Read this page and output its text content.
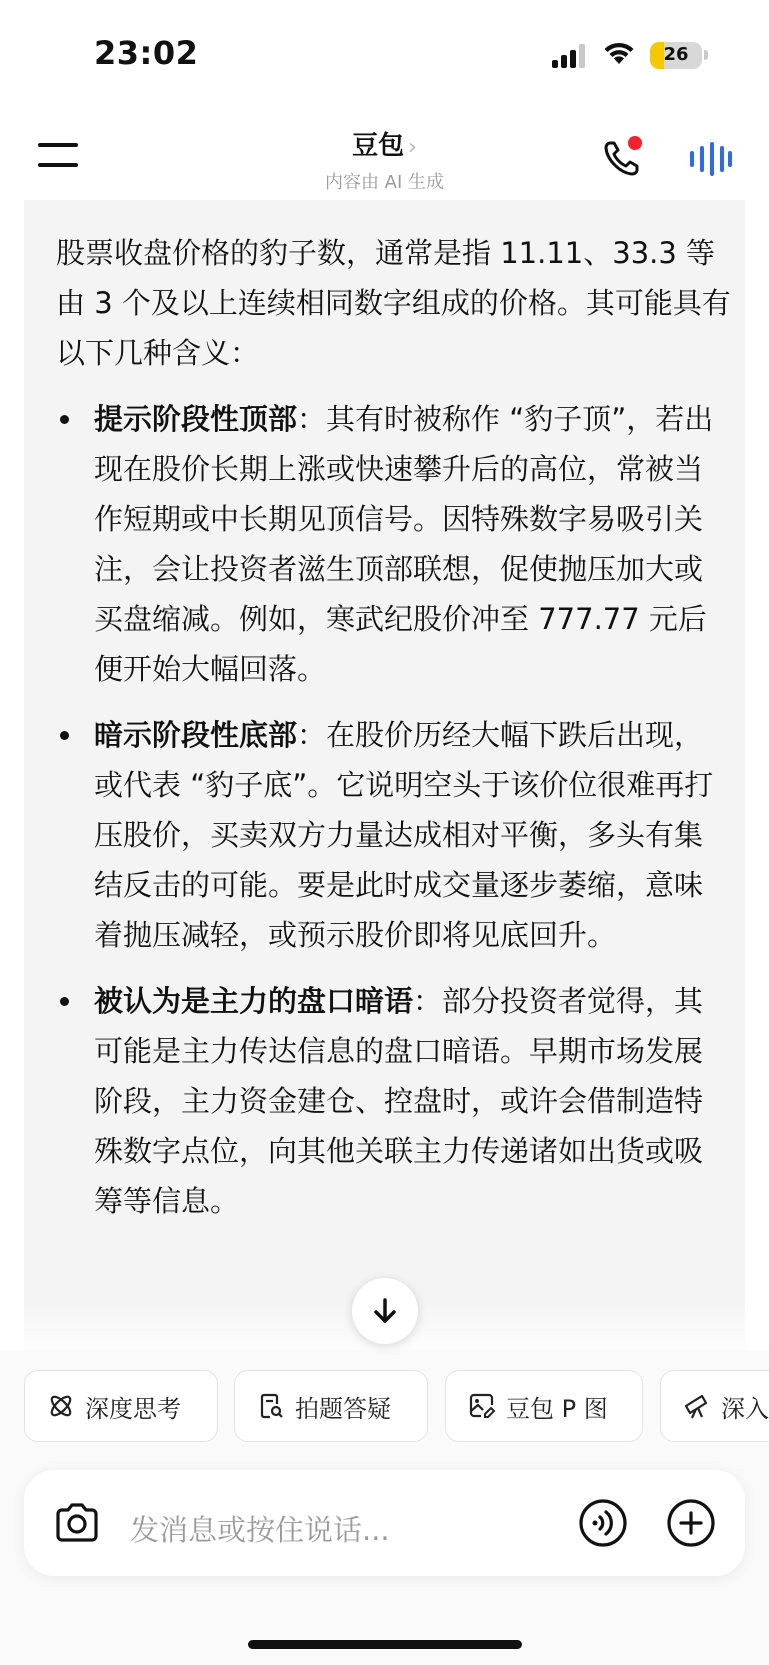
23:02	26
豆包 ›
内容由 AI 生成

股票收盘价格的豹子数，通常是指 11.11、33.3 等由 3 个及以上连续相同数字组成的价格。其可能具有以下几种含义：

提示阶段性顶部：其有时被称作 “豹子顶”，若出现在股价长期上涨或快速攀升后的高位，常被当作短期或中长期见顶信号。因特殊数字易吸引关注，会让投资者滋生顶部联想，促使抛压加大或买盘缩减。例如，寒武纪股价冲至 777.77 元后便开始大幅回落。
暗示阶段性底部：在股价历经大幅下跌后出现，或代表 “豹子底”。它说明空头于该价位很难再打压股价，买卖双方力量达成相对平衡，多头有集结反击的可能。要是此时成交量逐步萎缩，意味着抛压减轻，或预示股价即将见底回升。
被认为是主力的盘口暗语：部分投资者觉得，其可能是主力传达信息的盘口暗语。早期市场发展阶段，主力资金建仓、控盘时，或许会借制造特殊数字点位，向其他关联主力传递诸如出货或吸筹等信息。
深度思考	拍题答疑	豆包 P 图	深入
发消息或按住说话...
